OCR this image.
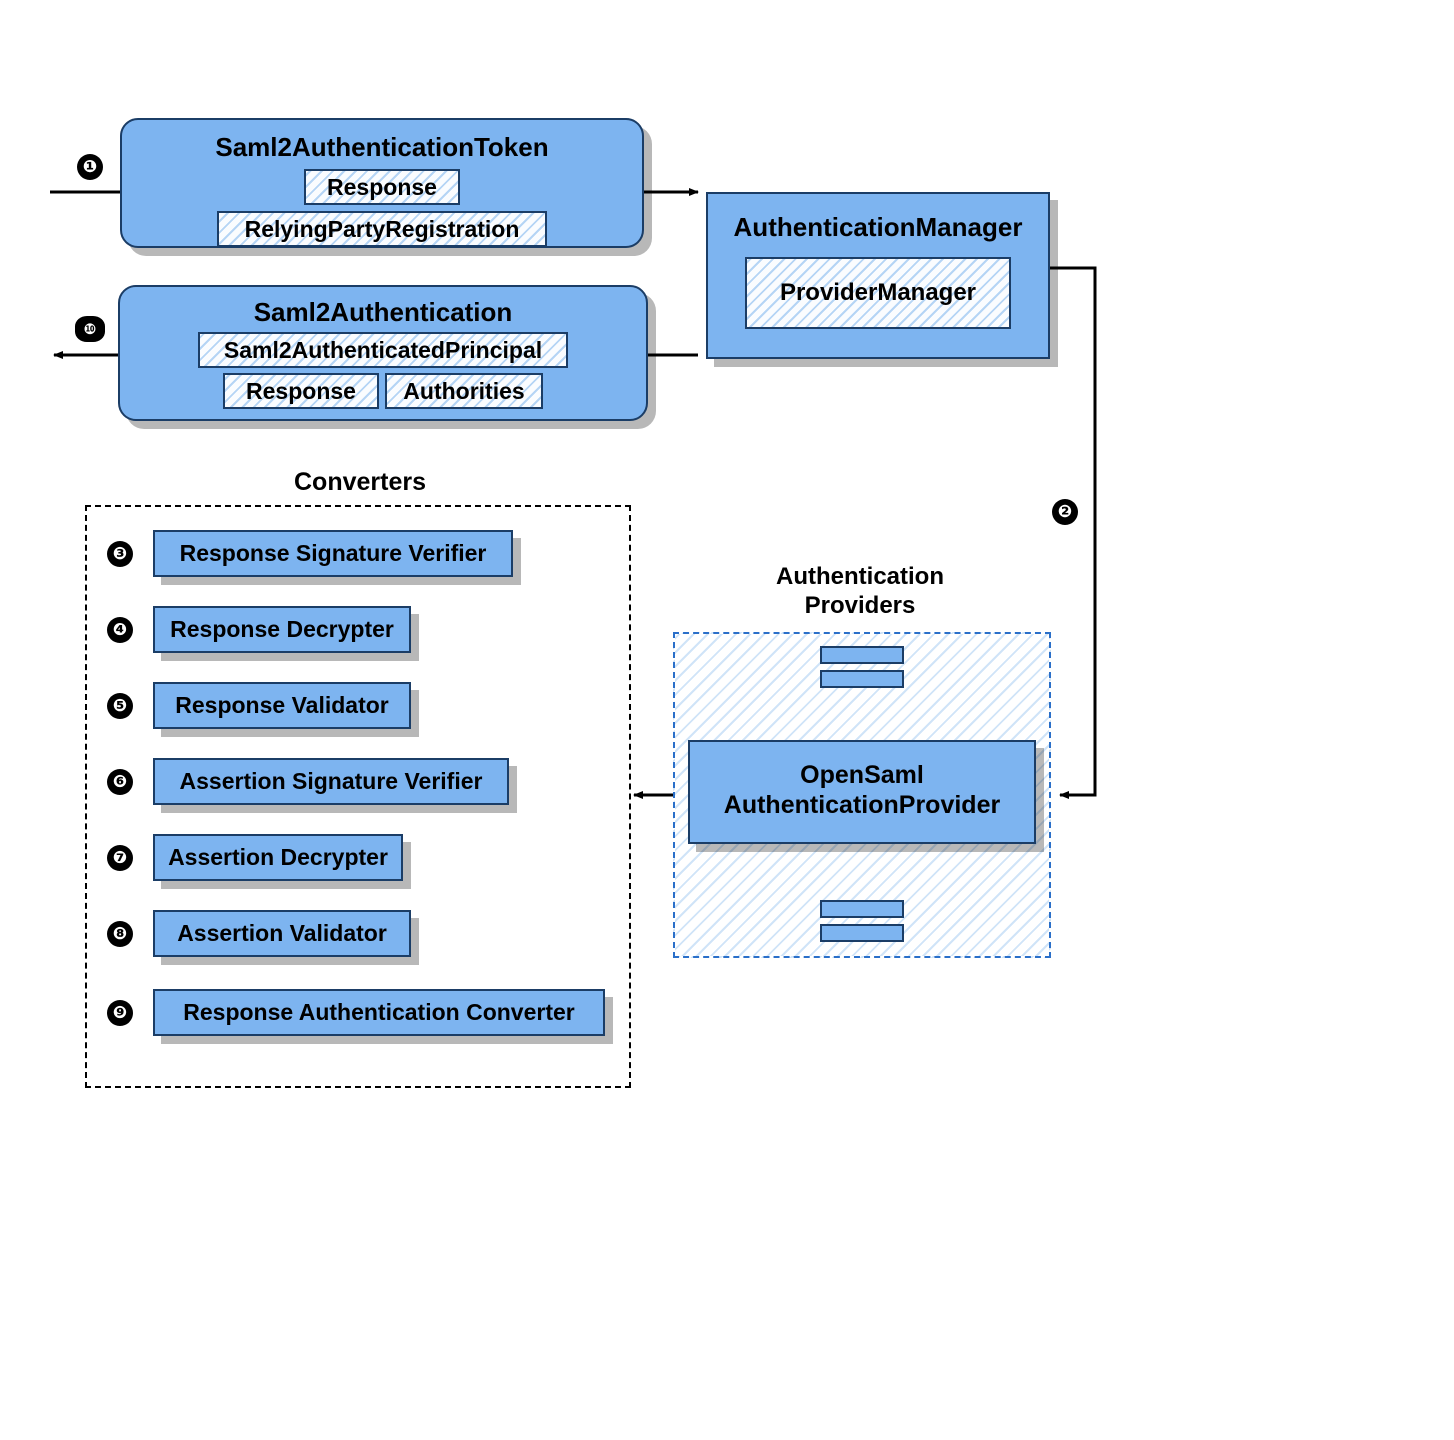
❶
❿
❷
Saml2AuthenticationToken
Response
RelyingPartyRegistration
Saml2Authentication
Saml2AuthenticatedPrincipal
Response	Authorities
AuthenticationManager
ProviderManager
Authentication
Providers
OpenSaml
AuthenticationProvider
Converters
❸	Response Signature Verifier
❹	Response Decrypter
❺	Response Validator
❻	Assertion Signature Verifier
❼	Assertion Decrypter
❽	Assertion Validator
❾	Response Authentication Converter
